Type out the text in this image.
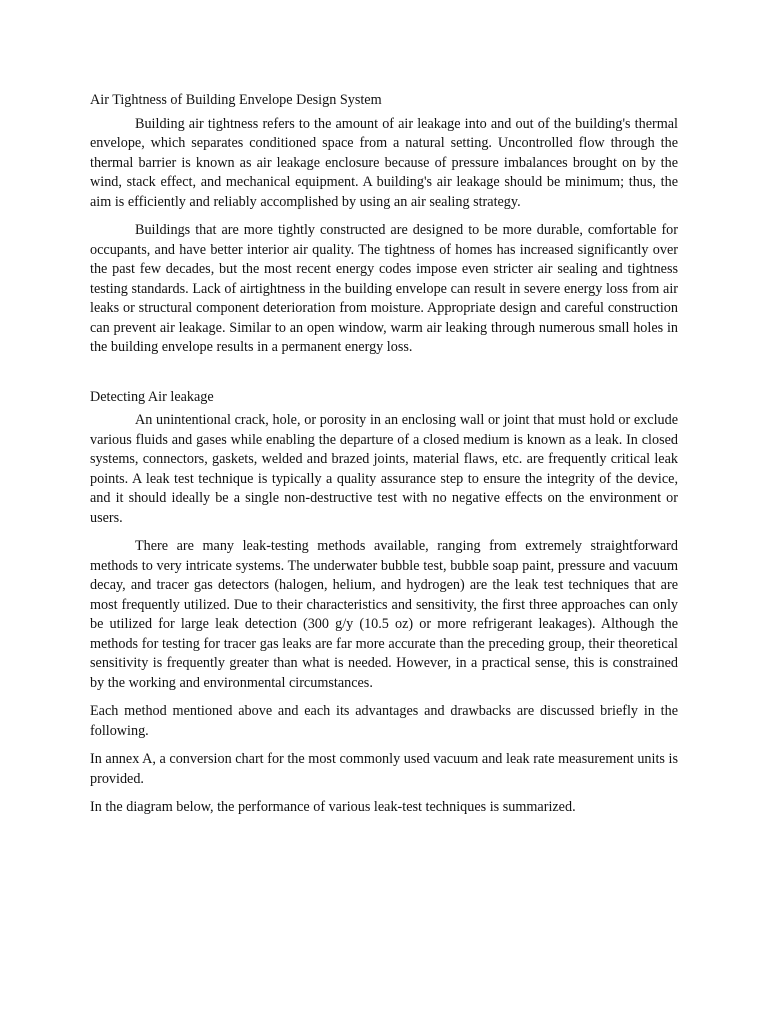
Air Tightness of Building Envelope Design System

Building air tightness refers to the amount of air leakage into and out of the building's thermal envelope, which separates conditioned space from a natural setting. Uncontrolled flow through the thermal barrier is known as air leakage enclosure because of pressure imbalances brought on by the wind, stack effect, and mechanical equipment. A building's air leakage should be minimum; thus, the aim is efficiently and reliably accomplished by using an air sealing strategy.

Buildings that are more tightly constructed are designed to be more durable, comfortable for occupants, and have better interior air quality. The tightness of homes has increased significantly over the past few decades, but the most recent energy codes impose even stricter air sealing and tightness testing standards. Lack of airtightness in the building envelope can result in severe energy loss from air leaks or structural component deterioration from moisture. Appropriate design and careful construction can prevent air leakage. Similar to an open window, warm air leaking through numerous small holes in the building envelope results in a permanent energy loss.

Detecting Air leakage

An unintentional crack, hole, or porosity in an enclosing wall or joint that must hold or exclude various fluids and gases while enabling the departure of a closed medium is known as a leak. In closed systems, connectors, gaskets, welded and brazed joints, material flaws, etc. are frequently critical leak points. A leak test technique is typically a quality assurance step to ensure the integrity of the device, and it should ideally be a single non-destructive test with no negative effects on the environment or users.

There are many leak-testing methods available, ranging from extremely straightforward methods to very intricate systems. The underwater bubble test, bubble soap paint, pressure and vacuum decay, and tracer gas detectors (halogen, helium, and hydrogen) are the leak test techniques that are most frequently utilized. Due to their characteristics and sensitivity, the first three approaches can only be utilized for large leak detection (300 g/y (10.5 oz) or more refrigerant leakages). Although the methods for testing for tracer gas leaks are far more accurate than the preceding group, their theoretical sensitivity is frequently greater than what is needed. However, in a practical sense, this is constrained by the working and environmental circumstances.

Each method mentioned above and each its advantages and drawbacks are discussed briefly in the following.

In annex A, a conversion chart for the most commonly used vacuum and leak rate measurement units is provided.

In the diagram below, the performance of various leak-test techniques is summarized.
